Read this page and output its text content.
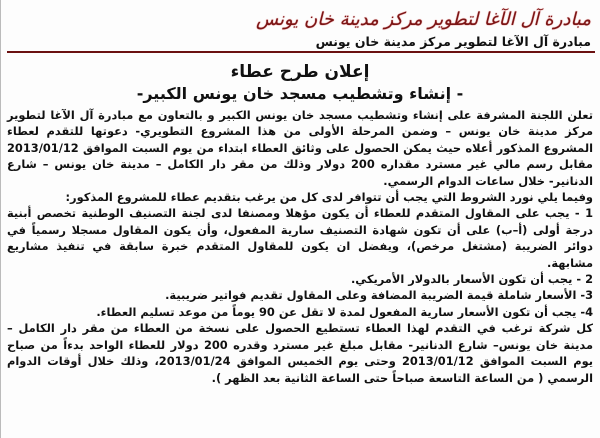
مبادرة آل الآغا لتطوير مركز مدينة خان يونس
مبادرة آل الآغا لتطوير مركز مدينة خان يونس
إعلان طرح عطاء
- إنشاء وتشطيب مسجد خان يونس الكبير-

تعلن اللجنة المشرفة على إنشاء وتشطيب مسجد خان يونس الكبير و بالتعاون مع مبادرة آل الآغا لتطوير مركز مدينة خان يونس – وضمن المرحلة الأولى من هذا المشروع التطويري- دعوتها للتقدم لعطاء المشروع المذكور أعلاه حيث يمكن الحصول على وثائق العطاء ابتداء من يوم السبت الموافق 2013/01/12 مقابل رسم مالي غير مسترد مقداره 200 دولار وذلك من مقر دار الكامل – مدينة خان يونس – شارع الدنانير- خلال ساعات الدوام الرسمي.

وفيما يلي نورد الشروط التي يجب أن تتوافر لدى كل من يرغب بتقديم عطاء للمشروع المذكور:

1 - يجب على المقاول المتقدم للعطاء أن يكون مؤهلا ومصنفا لدى لجنة التصنيف الوطنية تخصص أبنية درجة أولى (أ–ب) على أن تكون شهادة التصنيف سارية المفعول، وأن يكون المقاول مسجلا رسمياً في دوائر الضريبة (مشتغل مرخص)، ويفضل ان يكون للمقاول المتقدم خبرة سابقة في تنفيذ مشاريع مشابهة.

2 - يجب أن تكون الأسعار بالدولار الأمريكي.

3- الأسعار شاملة قيمة الضريبة المضافة وعلى المقاول تقديم فواتير ضريبية.

4- يجب أن تكون الأسعار سارية المفعول لمدة لا تقل عن 90 يوماً من موعد تسليم العطاء.

كل شركة ترغب في التقدم لهذا العطاء تستطيع الحصول على نسخة من العطاء من مقر دار الكامل – مدينة خان يونس– شارع الدنانير- مقابل مبلغ غير مسترد وقدره 200 دولار للعطاء الواحد بدءاً من صباح يوم السبت الموافق 2013/01/12 وحتى يوم الخميس الموافق 2013/01/24، وذلك خلال أوقات الدوام الرسمي ( من الساعة التاسعة صباحاً حتى الساعة الثانية بعد الظهر ).
